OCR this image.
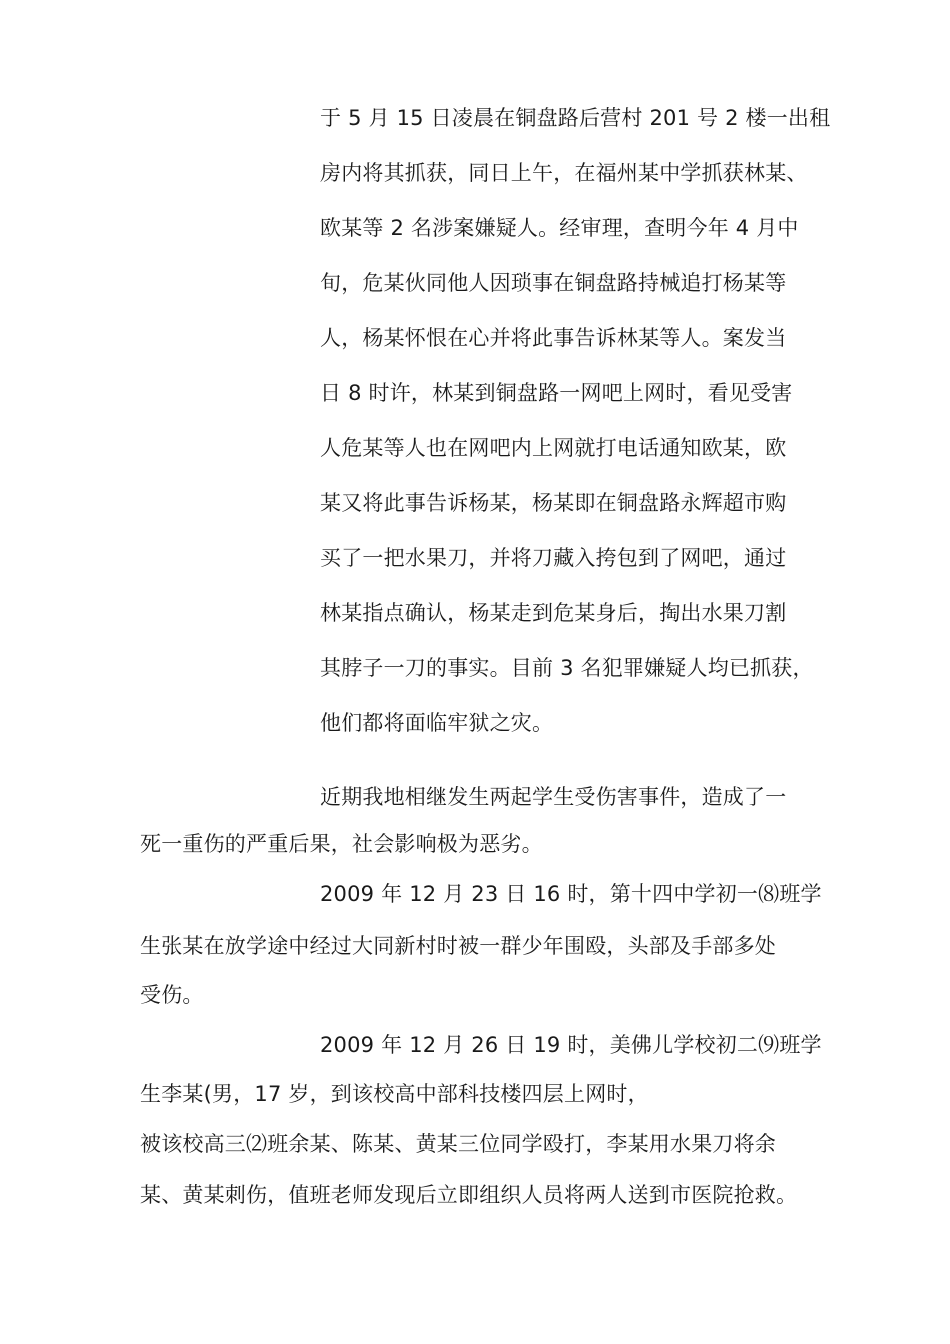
于 5 月 15 日凌晨在铜盘路后营村 201 号 2 楼一出租
房内将其抓获，同日上午，在福州某中学抓获林某、
欧某等 2 名涉案嫌疑人。经审理，查明今年 4 月中
旬，危某伙同他人因琐事在铜盘路持械追打杨某等
人，杨某怀恨在心并将此事告诉林某等人。案发当
日 8 时许，林某到铜盘路一网吧上网时，看见受害
人危某等人也在网吧内上网就打电话通知欧某，欧
某又将此事告诉杨某，杨某即在铜盘路永辉超市购
买了一把水果刀，并将刀藏入挎包到了网吧，通过
林某指点确认，杨某走到危某身后，掏出水果刀割
其脖子一刀的事实。目前 3 名犯罪嫌疑人均已抓获，
他们都将面临牢狱之灾。
近期我地相继发生两起学生受伤害事件，造成了一
死一重伤的严重后果，社会影响极为恶劣。
2009 年 12 月 23 日 16 时，第十四中学初一⑻班学
生张某在放学途中经过大同新村时被一群少年围殴，头部及手部多处
受伤。
2009 年 12 月 26 日 19 时，美佛儿学校初二⑼班学
生李某(男，17 岁，到该校高中部科技楼四层上网时，
被该校高三⑵班余某、陈某、黄某三位同学殴打，李某用水果刀将余
某、黄某刺伤，值班老师发现后立即组织人员将两人送到市医院抢救。
